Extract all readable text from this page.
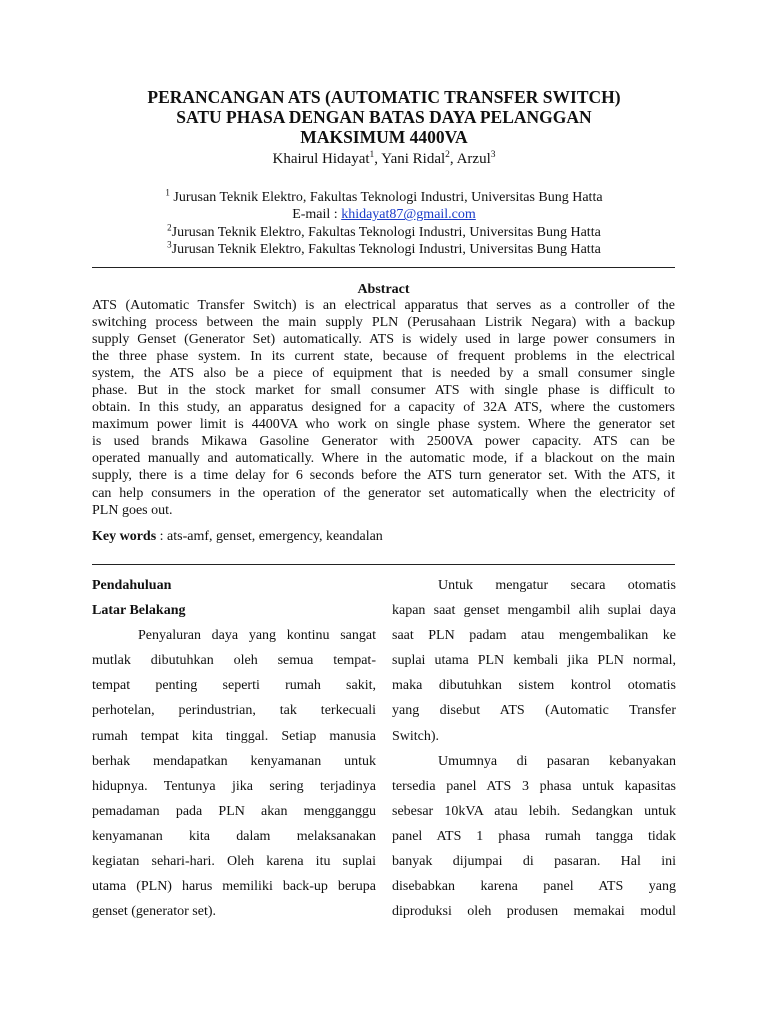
PERANCANGAN ATS (AUTOMATIC TRANSFER SWITCH)
SATU PHASA DENGAN BATAS DAYA PELANGGAN
MAKSIMUM 4400VA
Khairul Hidayat$^1$, Yani Ridal$^2$, Arzul$^3$
$^1$ Jurusan Teknik Elektro, Fakultas Teknologi Industri, Universitas Bung Hatta
E-mail : khidayat87@gmail.com
$^2$Jurusan Teknik Elektro, Fakultas Teknologi Industri, Universitas Bung Hatta
$^3$Jurusan Teknik Elektro, Fakultas Teknologi Industri, Universitas Bung Hatta
Abstract
ATS (Automatic Transfer Switch) is an electrical apparatus that serves as a controller of the
switching process between the main supply PLN (Perusahaan Listrik Negara) with a backup
supply Genset (Generator Set) automatically. ATS is widely used in large power consumers in
the three phase system. In its current state, because of frequent problems in the electrical
system, the ATS also be a piece of equipment that is needed by a small consumer single
phase. But in the stock market for small consumer ATS with single phase is difficult to
obtain. In this study, an apparatus designed for a capacity of 32A ATS, where the customers
maximum power limit is 4400VA who work on single phase system. Where the generator set
is used brands Mikawa Gasoline Generator with 2500VA power capacity. ATS can be
operated manually and automatically. Where in the automatic mode, if a blackout on the main
supply, there is a time delay for 6 seconds before the ATS turn generator set. With the ATS, it
can help consumers in the operation of the generator set automatically when the electricity of
PLN goes out.
Key words : ats-amf, genset, emergency, keandalan
Pendahuluan
Latar Belakang
Penyaluran daya yang kontinu sangat
mutlak dibutuhkan oleh semua tempat-
tempat penting seperti rumah sakit,
perhotelan, perindustrian, tak terkecuali
rumah tempat kita tinggal. Setiap manusia
berhak mendapatkan kenyamanan untuk
hidupnya. Tentunya jika sering terjadinya
pemadaman pada PLN akan mengganggu
kenyamanan kita dalam melaksanakan
kegiatan sehari-hari. Oleh karena itu suplai
utama (PLN) harus memiliki back-up berupa
genset (generator set).
Untuk mengatur secara otomatis
kapan saat genset mengambil alih suplai daya
saat PLN padam atau mengembalikan ke
suplai utama PLN kembali jika PLN normal,
maka dibutuhkan sistem kontrol otomatis
yang disebut ATS (Automatic Transfer
Switch).
Umumnya di pasaran kebanyakan
tersedia panel ATS 3 phasa untuk kapasitas
sebesar 10kVA atau lebih. Sedangkan untuk
panel ATS 1 phasa rumah tangga tidak
banyak dijumpai di pasaran. Hal ini
disebabkan karena panel ATS yang
diproduksi oleh produsen memakai modul
